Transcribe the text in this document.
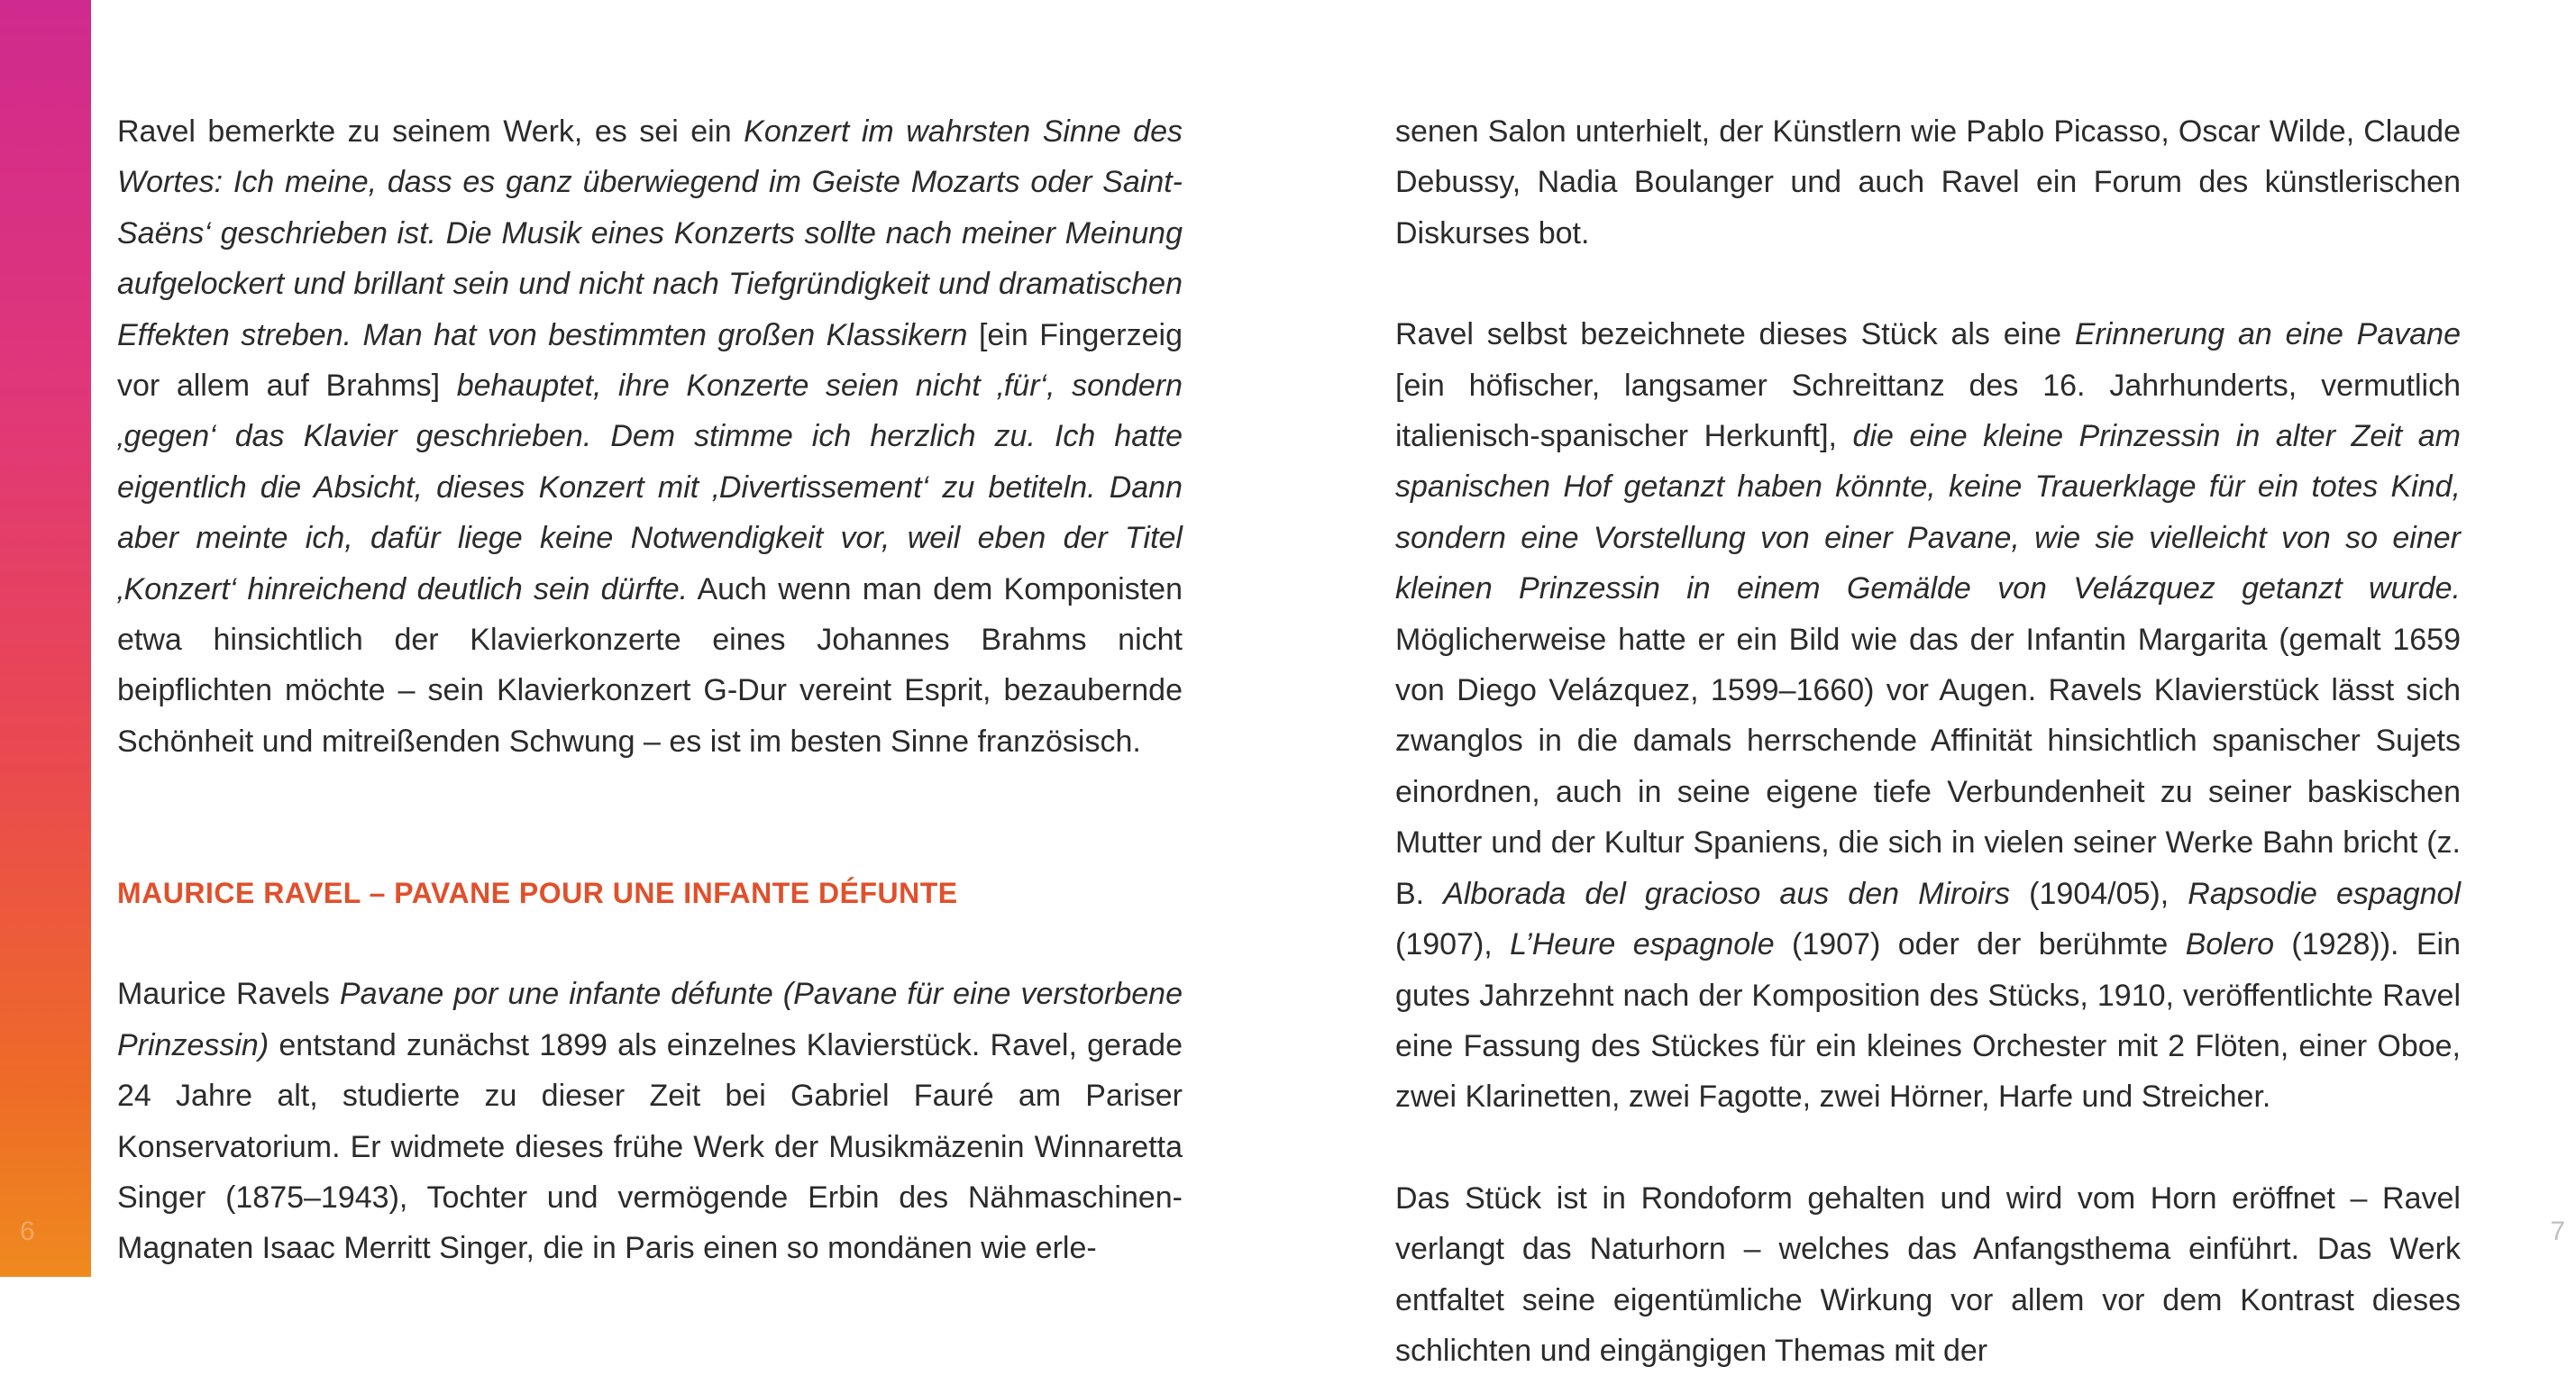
Ravel bemerkte zu seinem Werk, es sei ein Konzert im wahrsten Sinne des Wortes: Ich meine, dass es ganz überwiegend im Geiste Mozarts oder Saint-Saëns‘ geschrieben ist. Die Musik eines Konzerts sollte nach meiner Meinung aufgelockert und brillant sein und nicht nach Tiefgründigkeit und dramatischen Effekten streben. Man hat von bestimmten großen Klassikern [ein Fingerzeig vor allem auf Brahms] behauptet, ihre Konzerte seien nicht ‚für‘, sondern ‚gegen‘ das Klavier geschrieben. Dem stimme ich herzlich zu. Ich hatte eigentlich die Absicht, dieses Konzert mit ‚Divertissement‘ zu betiteln. Dann aber meinte ich, dafür liege keine Notwendigkeit vor, weil eben der Titel ‚Konzert‘ hinreichend deutlich sein dürfte. Auch wenn man dem Komponisten etwa hinsichtlich der Klavierkonzerte eines Johannes Brahms nicht beipflichten möchte – sein Klavierkonzert G-Dur vereint Esprit, bezaubernde Schönheit und mitreißenden Schwung – es ist im besten Sinne französisch.

MAURICE RAVEL – PAVANE POUR UNE INFANTE DÉFUNTE

Maurice Ravels Pavane por une infante défunte (Pavane für eine verstorbene Prinzessin) entstand zunächst 1899 als einzelnes Klavierstück. Ravel, gerade 24 Jahre alt, studierte zu dieser Zeit bei Gabriel Fauré am Pariser Konservatorium. Er widmete dieses frühe Werk der Musikmäzenin Winnaretta Singer (1875–1943), Tochter und vermögende Erbin des Nähmaschinen-Magnaten Isaac Merritt Singer, die in Paris einen so mondänen wie erle-

senen Salon unterhielt, der Künstlern wie Pablo Picasso, Oscar Wilde, Claude Debussy, Nadia Boulanger und auch Ravel ein Forum des künstlerischen Diskurses bot.

Ravel selbst bezeichnete dieses Stück als eine Erinnerung an eine Pavane [ein höfischer, langsamer Schreittanz des 16. Jahrhunderts, vermutlich italienisch-spanischer Herkunft], die eine kleine Prinzessin in alter Zeit am spanischen Hof getanzt haben könnte, keine Trauerklage für ein totes Kind, sondern eine Vorstellung von einer Pavane, wie sie vielleicht von so einer kleinen Prinzessin in einem Gemälde von Velázquez getanzt wurde. Möglicherweise hatte er ein Bild wie das der Infantin Margarita (gemalt 1659 von Diego Velázquez, 1599–1660) vor Augen. Ravels Klavierstück lässt sich zwanglos in die damals herrschende Affinität hinsichtlich spanischer Sujets einordnen, auch in seine eigene tiefe Verbundenheit zu seiner baskischen Mutter und der Kultur Spaniens, die sich in vielen seiner Werke Bahn bricht (z. B. Alborada del gracioso aus den Miroirs (1904/05), Rapsodie espagnol (1907), L’Heure espagnole (1907) oder der berühmte Bolero (1928)). Ein gutes Jahrzehnt nach der Komposition des Stücks, 1910, veröffentlichte Ravel eine Fassung des Stückes für ein kleines Orchester mit 2 Flöten, einer Oboe, zwei Klarinetten, zwei Fagotte, zwei Hörner, Harfe und Streicher.

Das Stück ist in Rondoform gehalten und wird vom Horn eröffnet – Ravel verlangt das Naturhorn – welches das Anfangsthema einführt. Das Werk entfaltet seine eigentümliche Wirkung vor allem vor dem Kontrast dieses schlichten und eingängigen Themas mit der

6	7
